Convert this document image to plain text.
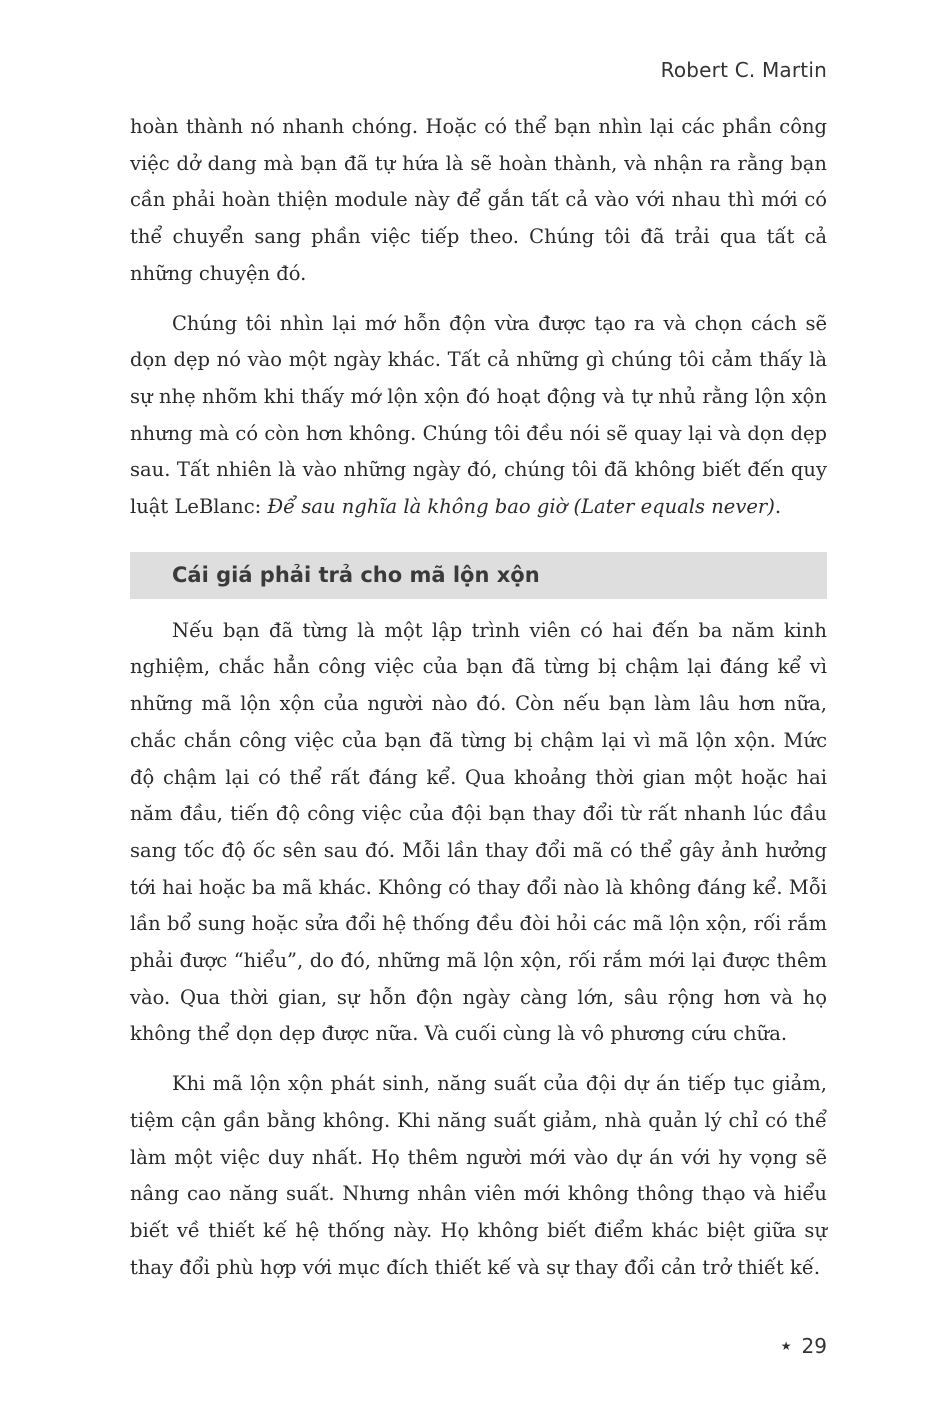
Robert C. Martin

hoàn thành nó nhanh chóng. Hoặc có thể bạn nhìn lại các phần công việc dở dang mà bạn đã tự hứa là sẽ hoàn thành, và nhận ra rằng bạn cần phải hoàn thiện module này để gắn tất cả vào với nhau thì mới có thể chuyển sang phần việc tiếp theo. Chúng tôi đã trải qua tất cả những chuyện đó.

Chúng tôi nhìn lại mớ hỗn độn vừa được tạo ra và chọn cách sẽ dọn dẹp nó vào một ngày khác. Tất cả những gì chúng tôi cảm thấy là sự nhẹ nhõm khi thấy mớ lộn xộn đó hoạt động và tự nhủ rằng lộn xộn nhưng mà có còn hơn không. Chúng tôi đều nói sẽ quay lại và dọn dẹp sau. Tất nhiên là vào những ngày đó, chúng tôi đã không biết đến quy luật LeBlanc: Để sau nghĩa là không bao giờ (Later equals never).

Cái giá phải trả cho mã lộn xộn

Nếu bạn đã từng là một lập trình viên có hai đến ba năm kinh nghiệm, chắc hẳn công việc của bạn đã từng bị chậm lại đáng kể vì những mã lộn xộn của người nào đó. Còn nếu bạn làm lâu hơn nữa, chắc chắn công việc của bạn đã từng bị chậm lại vì mã lộn xộn. Mức độ chậm lại có thể rất đáng kể. Qua khoảng thời gian một hoặc hai năm đầu, tiến độ công việc của đội bạn thay đổi từ rất nhanh lúc đầu sang tốc độ ốc sên sau đó. Mỗi lần thay đổi mã có thể gây ảnh hưởng tới hai hoặc ba mã khác. Không có thay đổi nào là không đáng kể. Mỗi lần bổ sung hoặc sửa đổi hệ thống đều đòi hỏi các mã lộn xộn, rối rắm phải được “hiểu”, do đó, những mã lộn xộn, rối rắm mới lại được thêm vào. Qua thời gian, sự hỗn độn ngày càng lớn, sâu rộng hơn và họ không thể dọn dẹp được nữa. Và cuối cùng là vô phương cứu chữa.

Khi mã lộn xộn phát sinh, năng suất của đội dự án tiếp tục giảm, tiệm cận gần bằng không. Khi năng suất giảm, nhà quản lý chỉ có thể làm một việc duy nhất. Họ thêm người mới vào dự án với hy vọng sẽ nâng cao năng suất. Nhưng nhân viên mới không thông thạo và hiểu biết về thiết kế hệ thống này. Họ không biết điểm khác biệt giữa sự thay đổi phù hợp với mục đích thiết kế và sự thay đổi cản trở thiết kế.

★ 29
